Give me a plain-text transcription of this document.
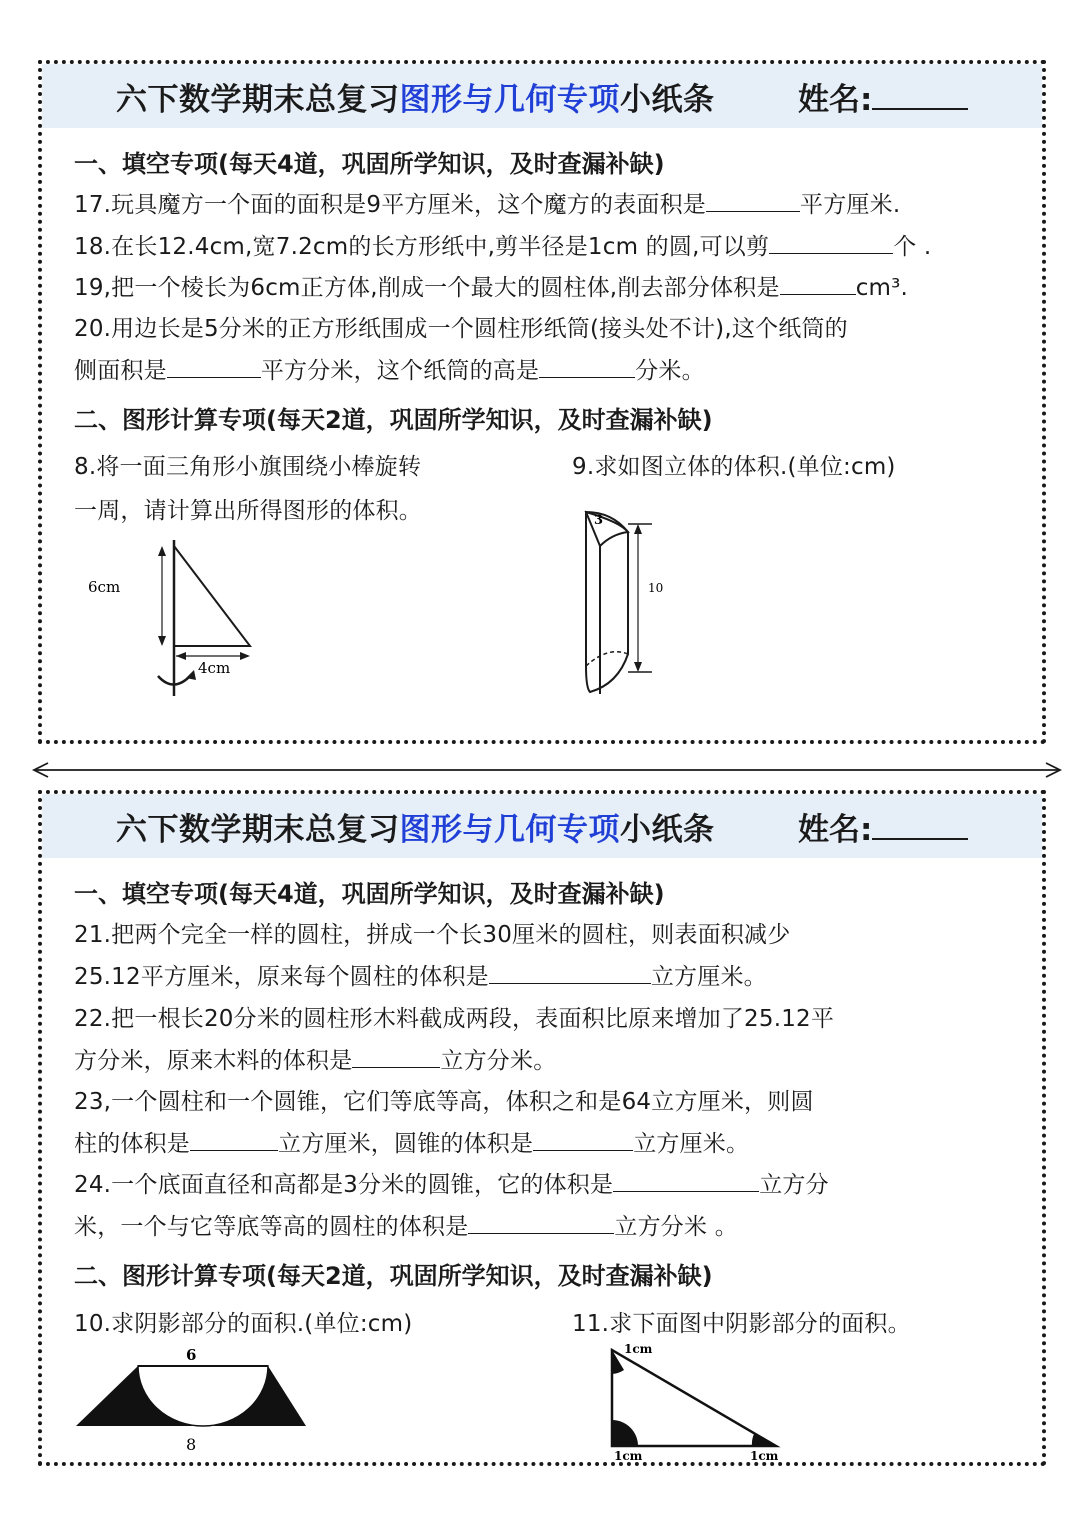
六下数学期末总复习图形与几何专项小纸条	姓名:
一、填空专项(每天4道，巩固所学知识，及时查漏补缺)
17.玩具魔方一个面的面积是9平方厘米，这个魔方的表面积是	平方厘米.
18.在长12.4cm,宽7.2cm的长方形纸中,剪半径是1cm 的圆,可以剪	个 .
19,把一个棱长为6cm正方体,削成一个最大的圆柱体,削去部分体积是	cm³.
20.用边长是5分米的正方形纸围成一个圆柱形纸筒(接头处不计),这个纸筒的
侧面积是	平方分米，这个纸筒的高是	分米。
二、图形计算专项(每天2道，巩固所学知识，及时查漏补缺)
8.将一面三角形小旗围绕小棒旋转
一周，请计算出所得图形的体积。
9.求如图立体的体积.(单位:cm)
6cm
4cm
3
10
六下数学期末总复习图形与几何专项小纸条	姓名:
一、填空专项(每天4道，巩固所学知识，及时查漏补缺)
21.把两个完全一样的圆柱，拼成一个长30厘米的圆柱，则表面积减少
25.12平方厘米，原来每个圆柱的体积是	立方厘米。
22.把一根长20分米的圆柱形木料截成两段，表面积比原来增加了25.12平
方分米，原来木料的体积是	立方分米。
23,一个圆柱和一个圆锥，它们等底等高，体积之和是64立方厘米，则圆
柱的体积是	立方厘米，圆锥的体积是	立方厘米。
24.一个底面直径和高都是3分米的圆锥，它的体积是	立方分
米，一个与它等底等高的圆柱的体积是	立方分米 。
二、图形计算专项(每天2道，巩固所学知识，及时查漏补缺)
10.求阴影部分的面积.(单位:cm)	11.求下面图中阴影部分的面积。
6
8
1cm
1cm	1cm
